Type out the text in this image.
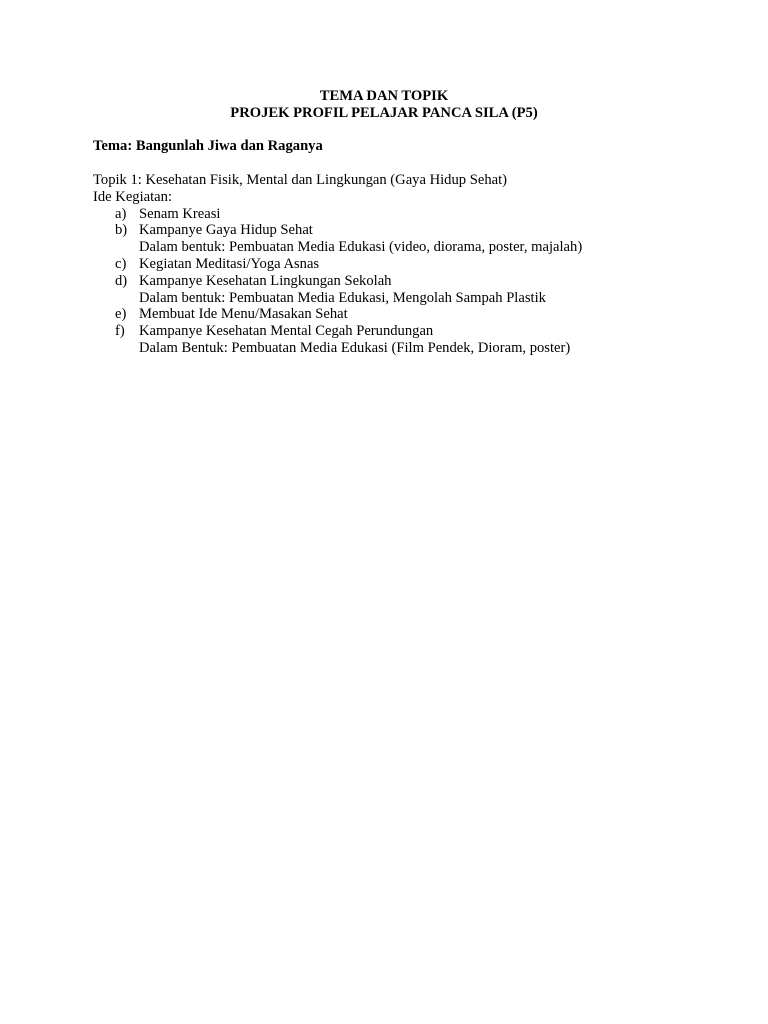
TEMA DAN TOPIK
PROJEK PROFIL PELAJAR PANCA SILA (P5)
Tema: Bangunlah Jiwa dan Raganya
Topik 1: Kesehatan Fisik, Mental dan Lingkungan (Gaya Hidup Sehat)
Ide Kegiatan:
a) Senam Kreasi
b) Kampanye Gaya Hidup Sehat
Dalam bentuk: Pembuatan Media Edukasi (video, diorama, poster, majalah)
c) Kegiatan Meditasi/Yoga Asnas
d) Kampanye Kesehatan Lingkungan Sekolah
Dalam bentuk: Pembuatan Media Edukasi, Mengolah Sampah Plastik
e) Membuat Ide Menu/Masakan Sehat
f) Kampanye Kesehatan Mental Cegah Perundungan
Dalam Bentuk: Pembuatan Media Edukasi (Film Pendek, Dioram, poster)
